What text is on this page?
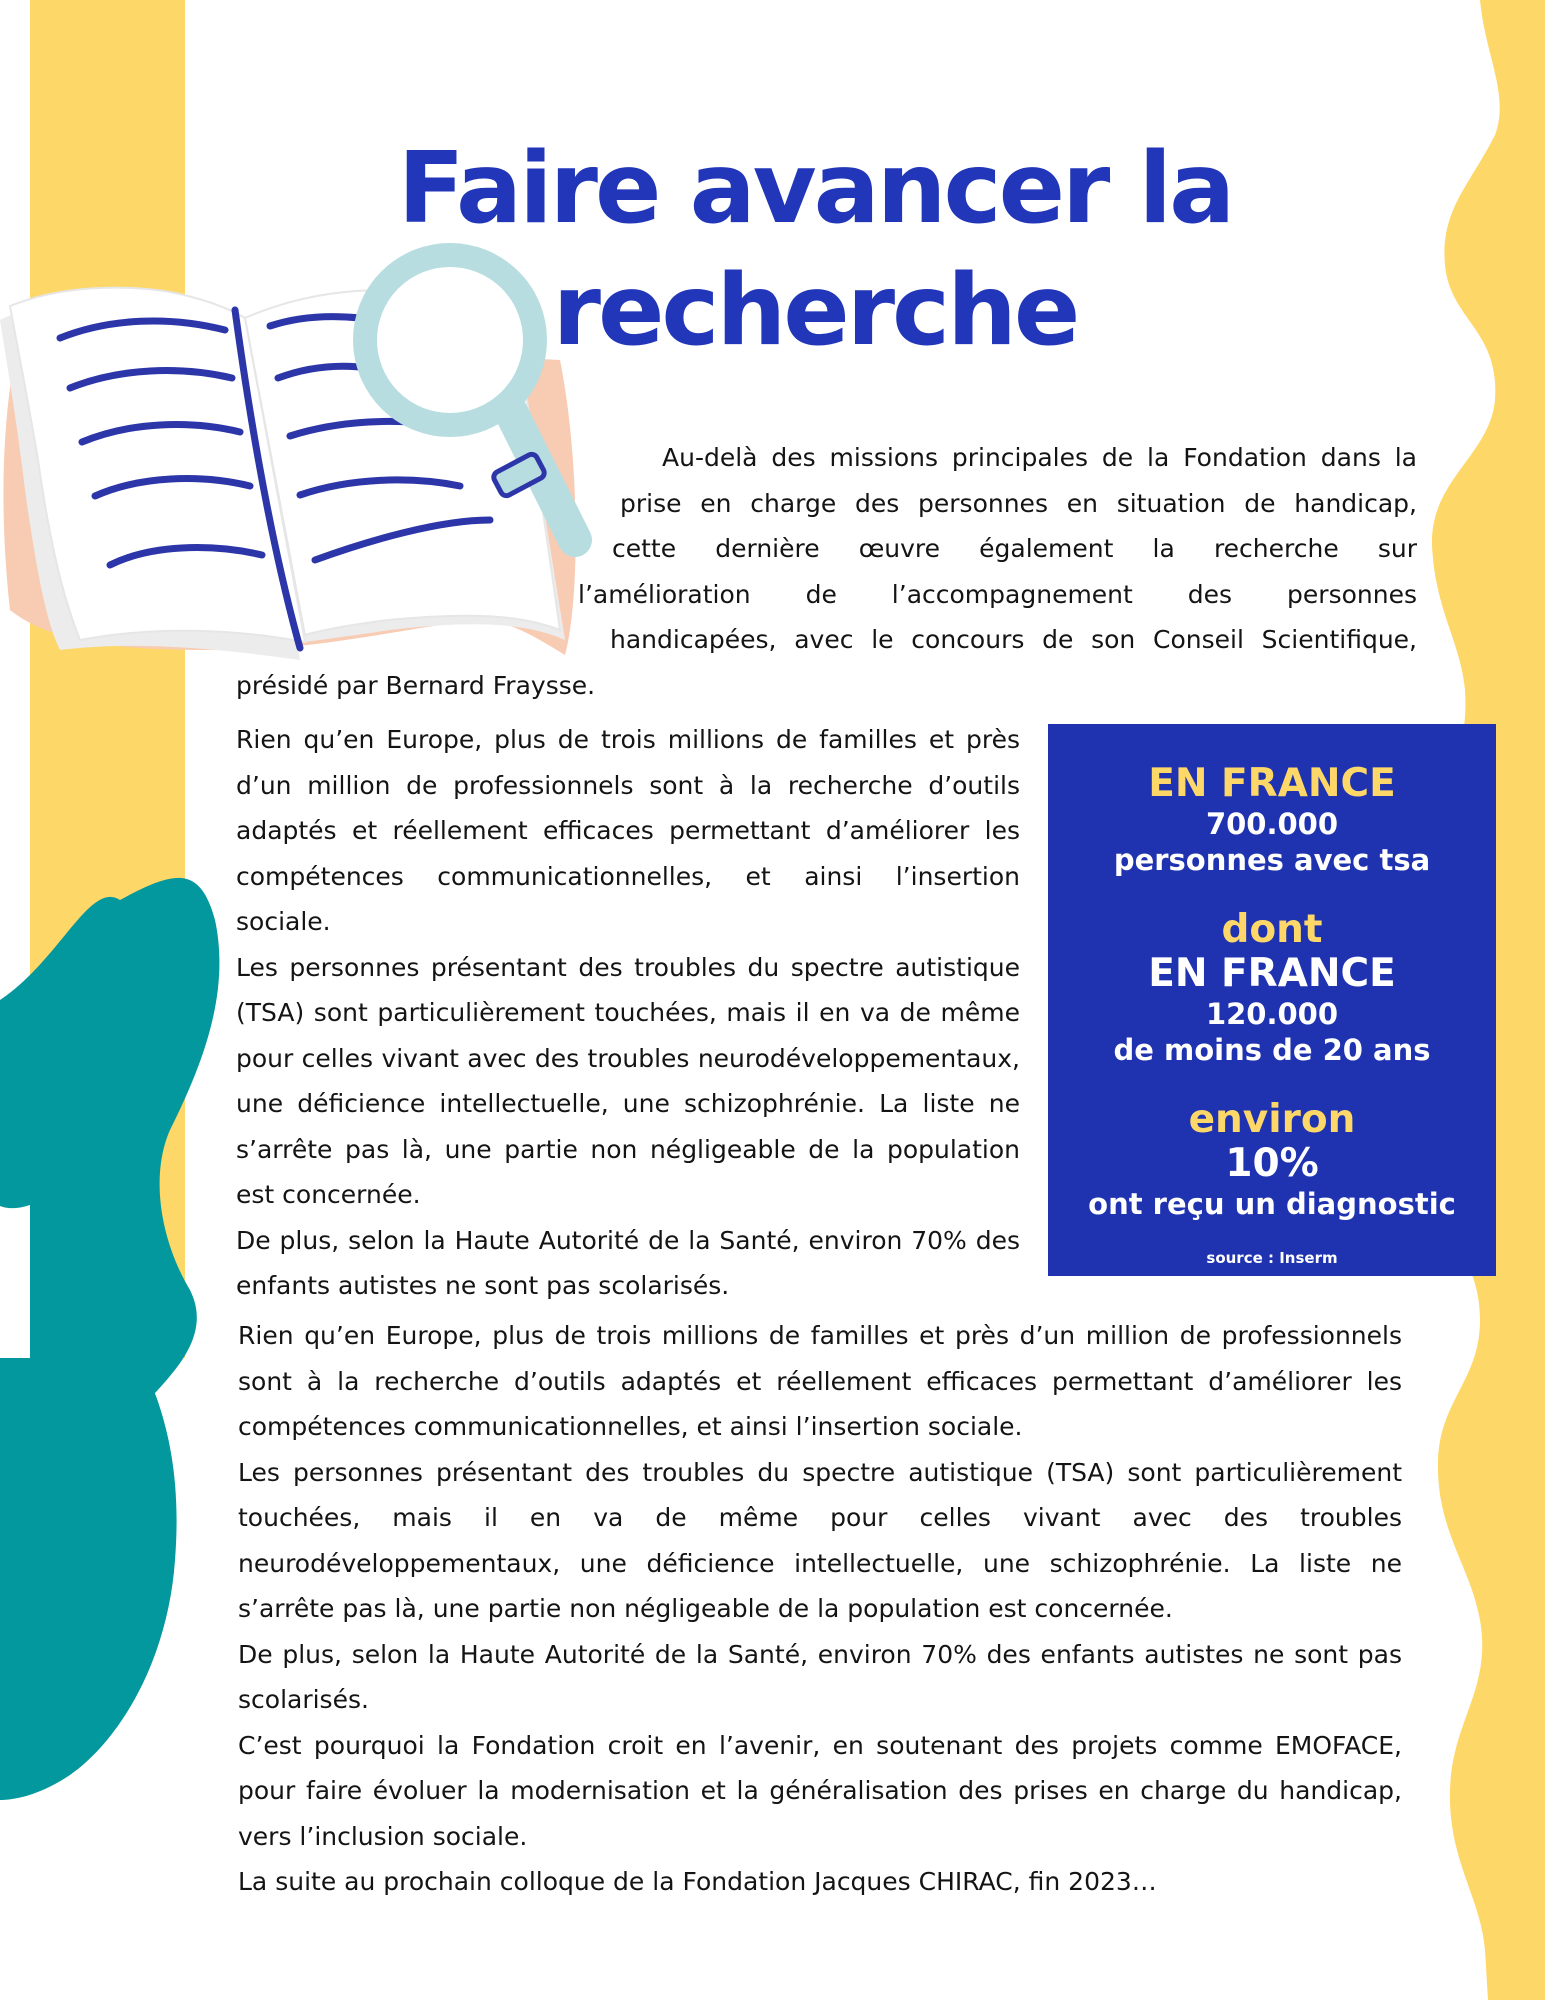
Faire avancer la
recherche
Au-delà des missions principales de la Fondation dans la
prise en charge des personnes en situation de handicap,
cette dernière œuvre également la recherche sur
l’amélioration de l’accompagnement des personnes
handicapées, avec le concours de son Conseil Scientifique,
présidé par Bernard Fraysse.

Rien qu’en Europe, plus de trois millions de familles et près d’un million de professionnels sont à la recherche d’outils adaptés et réellement efficaces permettant d’améliorer les compétences communicationnelles, et ainsi l’insertion sociale.

Les personnes présentant des troubles du spectre autistique (TSA) sont particulièrement touchées, mais il en va de même pour celles vivant avec des troubles neurodéveloppementaux, une déficience intellectuelle, une schizophrénie. La liste ne s’arrête pas là, une partie non négligeable de la population est concernée.

De plus, selon la Haute Autorité de la Santé, environ 70% des enfants autistes ne sont pas scolarisés.

EN FRANCE
700.000
personnes avec tsa
dont
EN FRANCE
120.000
de moins de 20 ans
environ
10%
ont reçu un diagnostic
source : Inserm

Rien qu’en Europe, plus de trois millions de familles et près d’un million de professionnels sont à la recherche d’outils adaptés et réellement efficaces permettant d’améliorer les compétences communicationnelles, et ainsi l’insertion sociale.

Les personnes présentant des troubles du spectre autistique (TSA) sont particulièrement touchées, mais il en va de même pour celles vivant avec des troubles neurodéveloppementaux, une déficience intellectuelle, une schizophrénie. La liste ne s’arrête pas là, une partie non négligeable de la population est concernée.

De plus, selon la Haute Autorité de la Santé, environ 70% des enfants autistes ne sont pas scolarisés.

C’est pourquoi la Fondation croit en l’avenir, en soutenant des projets comme EMOFACE, pour faire évoluer la modernisation et la généralisation des prises en charge du handicap, vers l’inclusion sociale.

La suite au prochain colloque de la Fondation Jacques CHIRAC, fin 2023…
